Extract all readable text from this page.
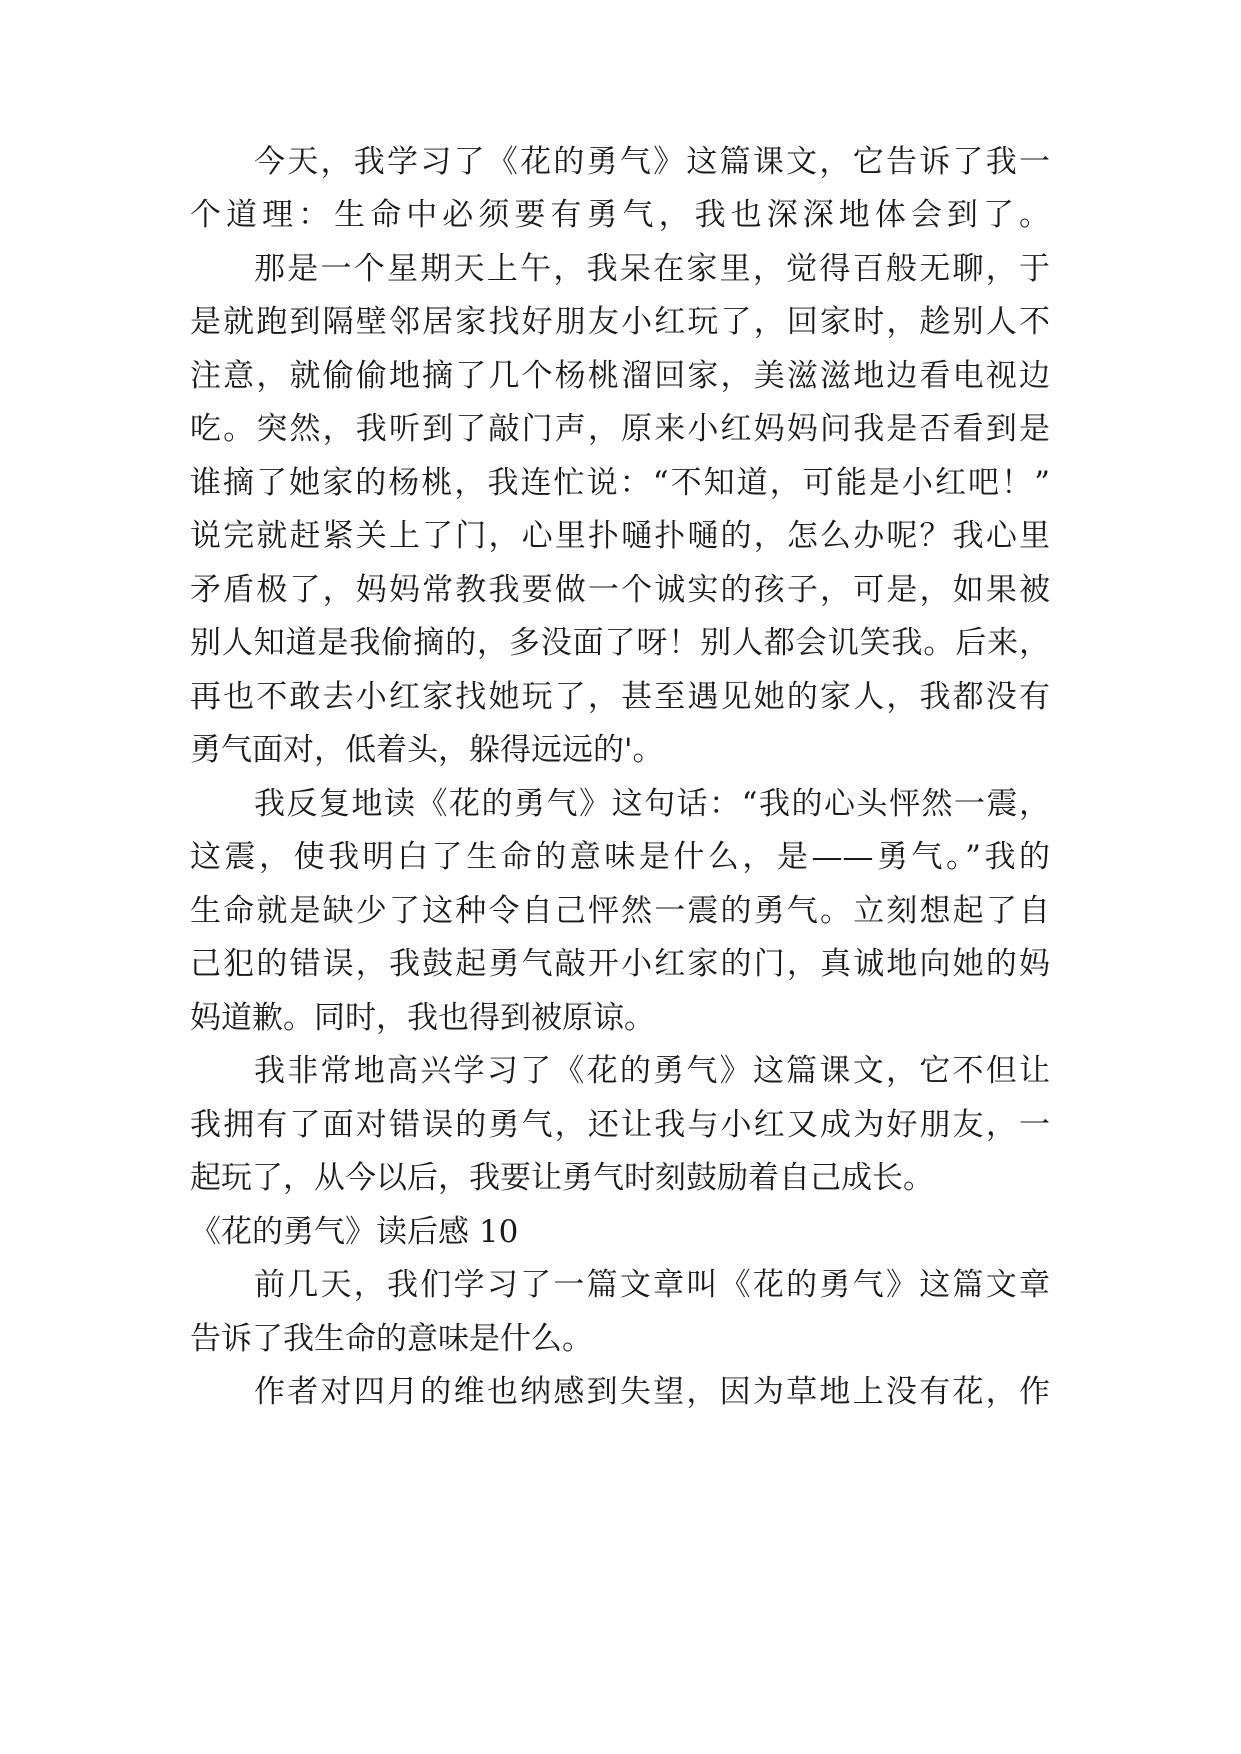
今天，我学习了《花的勇气》这篇课文，它告诉了我一
个道理：生命中必须要有勇气，我也深深地体会到了。
那是一个星期天上午，我呆在家里，觉得百般无聊，于
是就跑到隔壁邻居家找好朋友小红玩了，回家时，趁别人不
注意，就偷偷地摘了几个杨桃溜回家，美滋滋地边看电视边
吃。突然，我听到了敲门声，原来小红妈妈问我是否看到是
谁摘了她家的杨桃，我连忙说：“不知道，可能是小红吧！”
说完就赶紧关上了门，心里扑嗵扑嗵的，怎么办呢？我心里
矛盾极了，妈妈常教我要做一个诚实的孩子，可是，如果被
别人知道是我偷摘的，多没面了呀！别人都会讥笑我。后来，
再也不敢去小红家找她玩了，甚至遇见她的家人，我都没有
勇气面对，低着头，躲得远远的'。
我反复地读《花的勇气》这句话：“我的心头怦然一震，
这震，使我明白了生命的意味是什么，是——勇气。”我的
生命就是缺少了这种令自己怦然一震的勇气。立刻想起了自
己犯的错误，我鼓起勇气敲开小红家的门，真诚地向她的妈
妈道歉。同时，我也得到被原谅。
我非常地高兴学习了《花的勇气》这篇课文，它不但让
我拥有了面对错误的勇气，还让我与小红又成为好朋友，一
起玩了，从今以后，我要让勇气时刻鼓励着自己成长。
《花的勇气》读后感 10
前几天，我们学习了一篇文章叫《花的勇气》这篇文章
告诉了我生命的意味是什么。
作者对四月的维也纳感到失望，因为草地上没有花，作
